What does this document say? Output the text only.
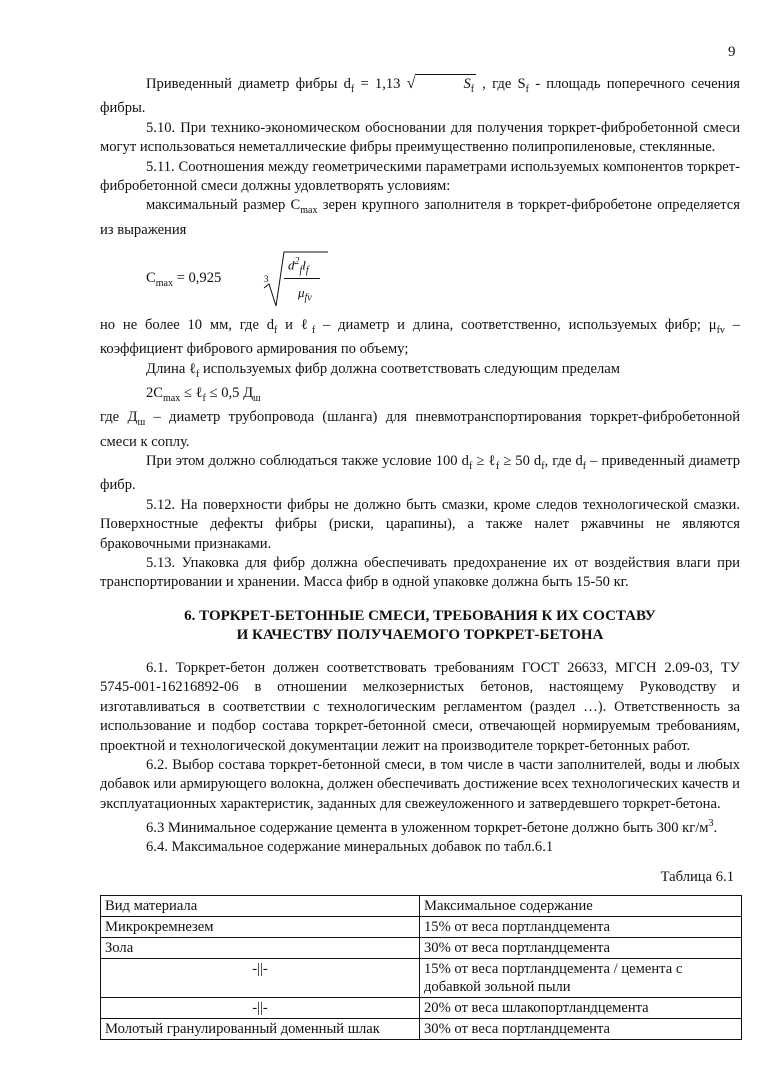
9

Приведенный диаметр фибры $d_f = 1,13$ √	$S_f$ , где $S_f$ - площадь поперечного сечения фибры.

5.10. При технико-экономическом обосновании для получения торкрет-фибробетонной смеси могут использоваться неметаллические фибры преимущественно полипропиленовые, стеклянные.

5.11. Соотношения между геометрическими параметрами используемых компонентов торкрет-фибробетонной смеси должны удовлетворять условиям:

максимальный размер $C_{max}$ зерен крупного заполнителя в торкрет-фибробетоне определяется из выражения

$C_{max} = 0,925$	3
$d^2_fl_f$
$\mu_{fv}$

но не более 10 мм, где $d_f$ и ℓ$_f$ – диаметр и длина, соответственно, используемых фибр; $\mu_{fv}$ – коэффициент фибрового армирования по объему;

Длина ℓ$_f$ используемых фибр должна соответствовать следующим пределам

$2C_{max}$ ≤ ℓ$_f$ ≤ 0,5 $Д_ш$

где $Д_ш$ – диаметр трубопровода (шланга) для пневмотранспортирования торкрет-фибробетонной смеси к соплу.

При этом должно соблюдаться также условие 100 $d_f$ ≥ ℓ$_f$ ≥ 50 $d_f$, где $d_f$ – приведенный диаметр фибр.

5.12. На поверхности фибры не должно быть смазки, кроме следов технологической смазки. Поверхностные дефекты фибры (риски, царапины), а также налет ржавчины не являются браковочными признаками.

5.13. Упаковка для фибр должна обеспечивать предохранение их от воздействия влаги при транспортировании и хранении. Масса фибр в одной упаковке должна быть 15-50 кг.

6. ТОРКРЕТ-БЕТОННЫЕ СМЕСИ, ТРЕБОВАНИЯ К ИХ СОСТАВУ
И КАЧЕСТВУ ПОЛУЧАЕМОГО ТОРКРЕТ-БЕТОНА

6.1. Торкрет-бетон должен соответствовать требованиям ГОСТ 26633, МГСН 2.09-03, ТУ 5745-001-16216892-06 в отношении мелкозернистых бетонов, настоящему Руководству и изготавливаться в соответствии с технологическим регламентом (раздел …). Ответственность за использование и подбор состава торкрет-бетонной смеси, отвечающей нормируемым требованиям, проектной и технологической документации лежит на производителе торкрет-бетонных работ.

6.2. Выбор состава торкрет-бетонной смеси, в том числе в части заполнителей, воды и любых добавок или армирующего волокна, должен обеспечивать достижение всех технологических качеств и эксплуатационных характеристик, заданных для свежеуложенного и затвердевшего торкрет-бетона.

6.3 Минимальное содержание цемента в уложенном торкрет-бетоне должно быть 300 $кг/м^3$.

6.4. Максимальное содержание минеральных добавок по табл.6.1

Таблица 6.1
Вид материала	Максимальное содержание
Микрокремнезем	15% от веса портландцемента
Зола	30% от веса портландцемента
-||-	15% от веса портландцемента / цемента с добавкой зольной пыли
-||-	20% от веса шлакопортландцемента
Молотый гранулированный доменный шлак	30% от веса портландцемента
